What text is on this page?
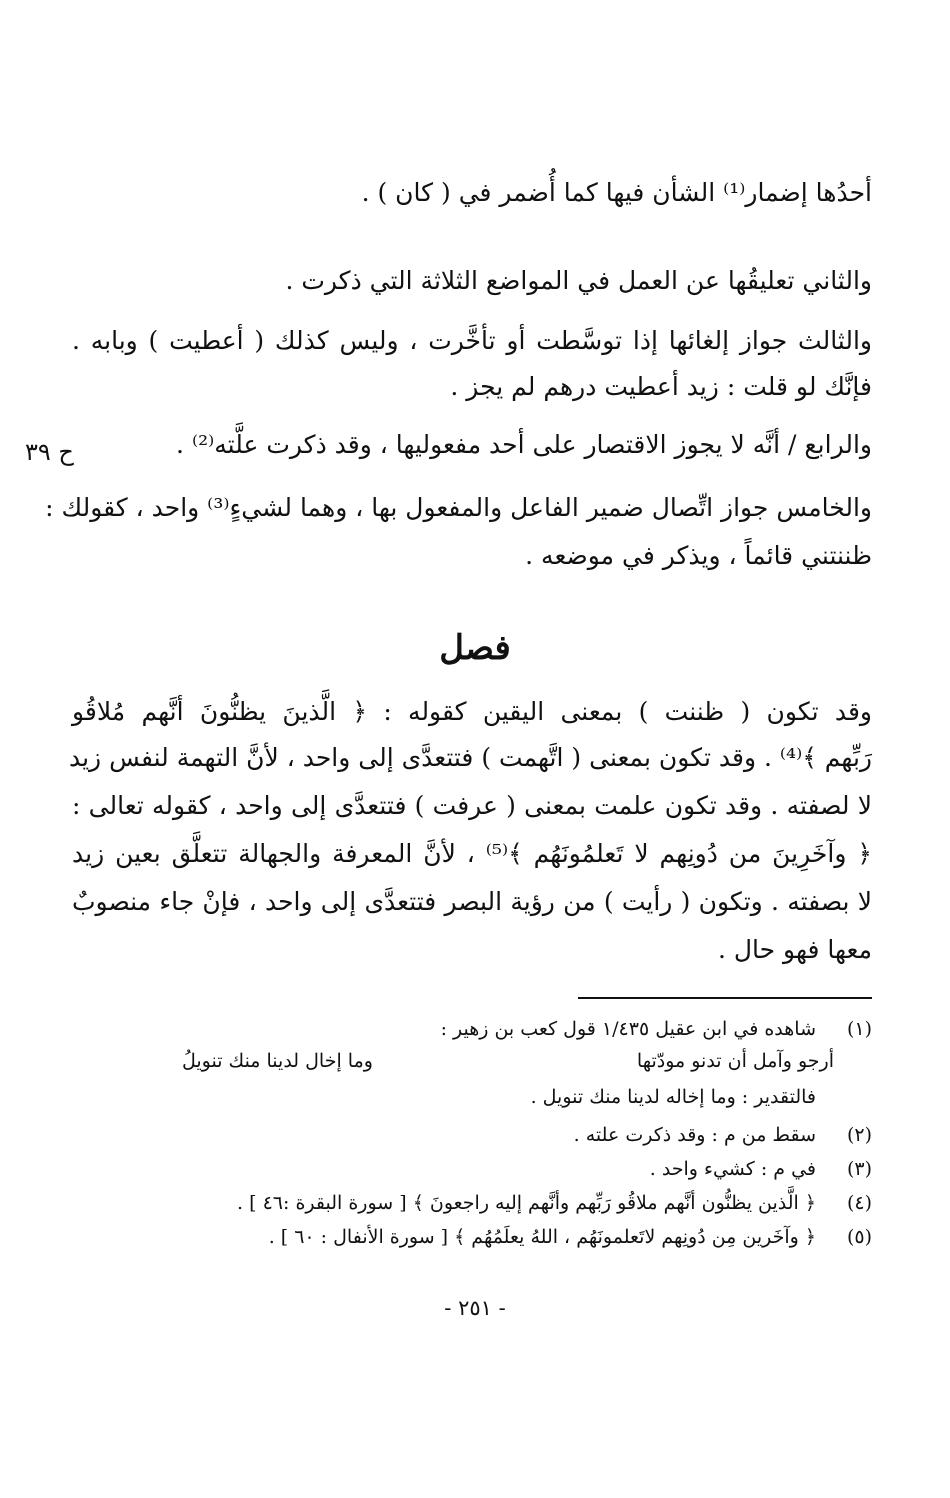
أحدُها إضمار⁽¹⁾ الشأن فيها كما أُضمر في ( كان ) .
والثاني تعليقُها عن العمل في المواضع الثلاثة التي ذكرت .
والثالث جواز إلغائها إذا توسَّطت أو تأخَّرت ، وليس كذلك ( أعطيت ) وبابه .
فإنَّك لو قلت : زيد أعطيت درهم لم يجز .
والرابع / أنَّه لا يجوز الاقتصار على أحد مفعوليها ، وقد ذكرت علَّته⁽²⁾ .
ح ٣٩
والخامس جواز اتِّصال ضمير الفاعل والمفعول بها ، وهما لشيءٍ⁽³⁾ واحد ، كقولك :
ظننتني قائماً ، ويذكر في موضعه .
فصل
وقد تكون ( ظننت ) بمعنى اليقين كقوله : ﴿ الَّذينَ يظنُّونَ أنَّهم مُلاقُو
رَبِّهم ﴾⁽⁴⁾ . وقد تكون بمعنى ( اتَّهمت ) فتتعدَّى إلى واحد ، لأنَّ التهمة لنفس زيد
لا لصفته . وقد تكون علمت بمعنى ( عرفت ) فتتعدَّى إلى واحد ، كقوله تعالى :
﴿ وآخَرِينَ من دُونِهم لا تَعلمُونَهُم ﴾⁽⁵⁾ ، لأنَّ المعرفة والجهالة تتعلَّق بعين زيد
لا بصفته . وتكون ( رأيت ) من رؤية البصر فتتعدَّى إلى واحد ، فإنْ جاء منصوبٌ
معها فهو حال .
(١)
شاهده في ابن عقيل ١/٤٣٥ قول كعب بن زهير :
أرجو وآمل أن تدنو مودّتها
وما إخال لدينا منك تنويلُ
فالتقدير : وما إخاله لدينا منك تنويل .
(٢)
سقط من م : وقد ذكرت علته .
(٣)
في م : كشيء واحد .
(٤)
﴿ الَّذين يظنُّون أنَّهم ملاقُو رَبِّهم وأنَّهم إليه راجعونَ ﴾ [ سورة البقرة :٤٦ ] .
(٥)
﴿ وآخَرين مِن دُونِهم لاتَعلمونَهُم ، اللهُ يعلَمُهُم ﴾ [ سورة الأنفال : ٦٠ ] .
- ٢٥١ -
